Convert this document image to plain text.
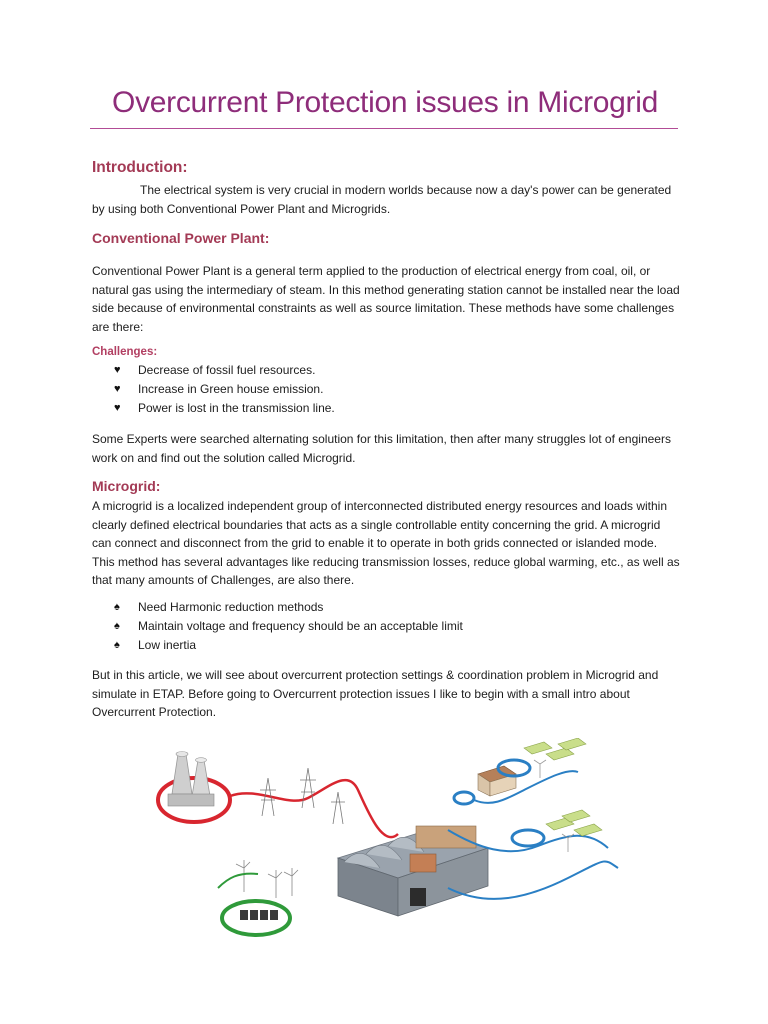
Overcurrent Protection issues in Microgrid
Introduction:

The electrical system is very crucial in modern worlds because now a day's power can be generated by using both Conventional Power Plant and Microgrids.

Conventional Power Plant:

Conventional Power Plant is a general term applied to the production of electrical energy from coal, oil, or natural gas using the intermediary of steam. In this method generating station cannot be installed near the load side because of environmental constraints as well as source limitation. These methods have some challenges are there:

Challenges:
♥	Decrease of fossil fuel resources.
♥	Increase in Green house emission.
♥	Power is lost in the transmission line.

Some Experts were searched alternating solution for this limitation, then after many struggles lot of engineers work on and find out the solution called Microgrid.

Microgrid:

A microgrid is a localized independent group of interconnected distributed energy resources and loads within clearly defined electrical boundaries that acts as a single controllable entity concerning the grid. A microgrid can connect and disconnect from the grid to enable it to operate in both grids connected or islanded mode. This method has several advantages like reducing transmission losses, reduce global warming, etc., as well as that many amounts of Challenges, are also there.

♠	Need Harmonic reduction methods
♠	Maintain voltage and frequency should be an acceptable limit
♠	Low inertia

But in this article, we will see about overcurrent protection settings & coordination problem in Microgrid and simulate in ETAP. Before going to Overcurrent protection issues I like to begin with a small intro about Overcurrent Protection.
